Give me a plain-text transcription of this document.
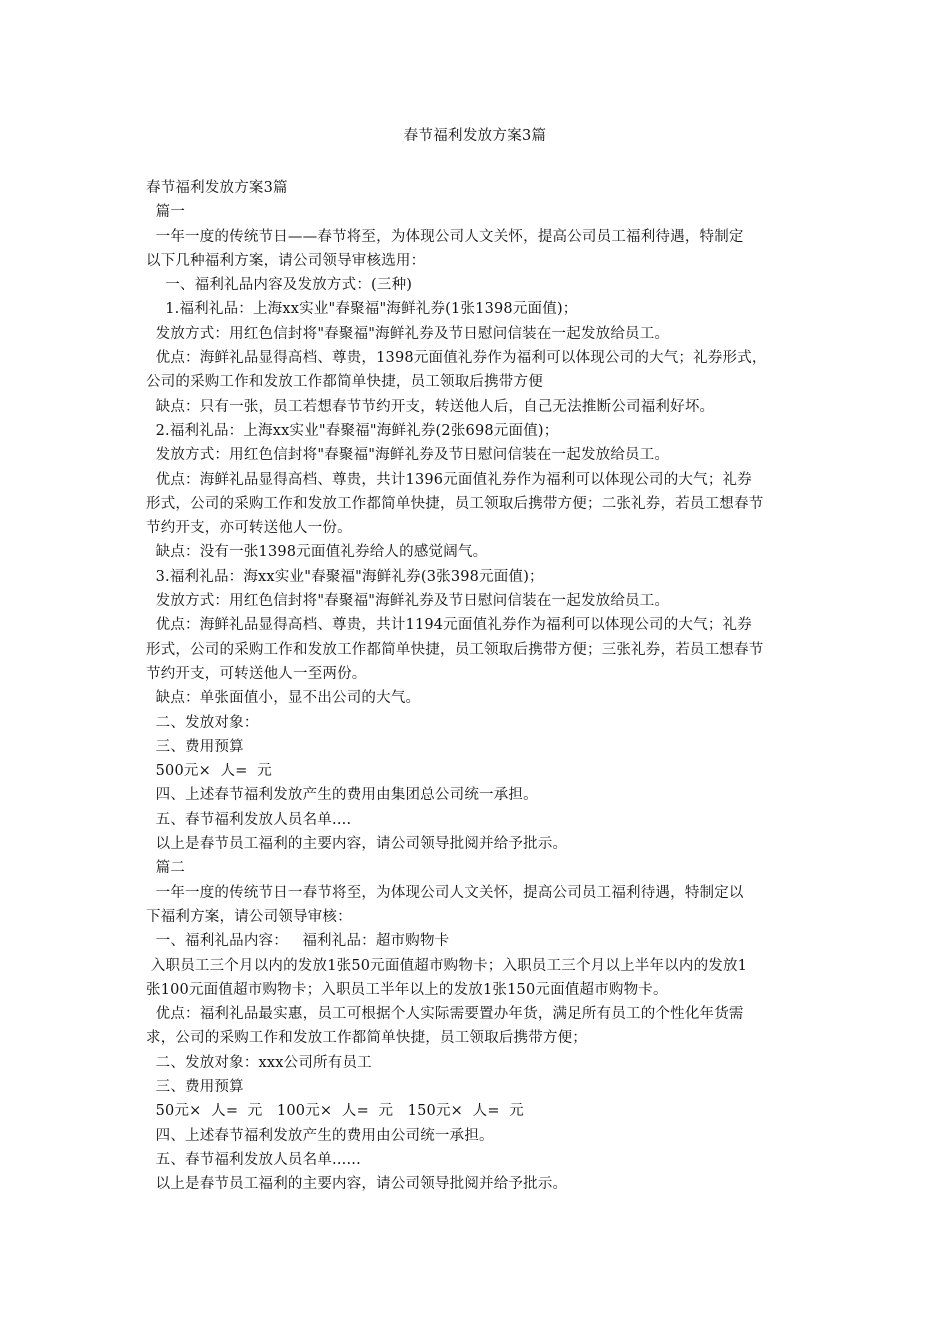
春节福利发放方案3篇
春节福利发放方案3篇
篇一
一年一度的传统节日——春节将至，为体现公司人文关怀，提高公司员工福利待遇，特制定
以下几种福利方案，请公司领导审核选用：
一、福利礼品内容及发放方式：(三种)
1.福利礼品：上海xx实业"春聚福"海鲜礼券(1张1398元面值)；
发放方式：用红色信封将"春聚福"海鲜礼券及节日慰问信装在一起发放给员工。
优点：海鲜礼品显得高档、尊贵，1398元面值礼券作为福利可以体现公司的大气；礼券形式，
公司的采购工作和发放工作都简单快捷，员工领取后携带方便
缺点：只有一张，员工若想春节节约开支，转送他人后，自己无法推断公司福利好坏。
2.福利礼品：上海xx实业"春聚福"海鲜礼券(2张698元面值)；
发放方式：用红色信封将"春聚福"海鲜礼券及节日慰问信装在一起发放给员工。
优点：海鲜礼品显得高档、尊贵，共计1396元面值礼券作为福利可以体现公司的大气；礼券
形式，公司的采购工作和发放工作都简单快捷，员工领取后携带方便；二张礼券，若员工想春节
节约开支，亦可转送他人一份。
缺点：没有一张1398元面值礼券给人的感觉阔气。
3.福利礼品：海xx实业"春聚福"海鲜礼券(3张398元面值)；
发放方式：用红色信封将"春聚福"海鲜礼券及节日慰问信装在一起发放给员工。
优点：海鲜礼品显得高档、尊贵，共计1194元面值礼券作为福利可以体现公司的大气；礼券
形式，公司的采购工作和发放工作都简单快捷，员工领取后携带方便；三张礼券，若员工想春节
节约开支，可转送他人一至两份。
缺点：单张面值小，显不出公司的大气。
二、发放对象：
三、费用预算
500元×  人=  元
四、上述春节福利发放产生的费用由集团总公司统一承担。
五、春节福利发放人员名单....
以上是春节员工福利的主要内容，请公司领导批阅并给予批示。
篇二
一年一度的传统节日一春节将至，为体现公司人文关怀，提高公司员工福利待遇，特制定以
下福利方案，请公司领导审核：
一、福利礼品内容：   福利礼品：超市购物卡
入职员工三个月以内的发放1张50元面值超市购物卡；入职员工三个月以上半年以内的发放1
张100元面值超市购物卡；入职员工半年以上的发放1张150元面值超市购物卡。
优点：福利礼品最实惠，员工可根据个人实际需要置办年货，满足所有员工的个性化年货需
求，公司的采购工作和发放工作都简单快捷，员工领取后携带方便；
二、发放对象：xxx公司所有员工
三、费用预算
50元×  人=  元   100元×  人=  元   150元×  人=  元
四、上述春节福利发放产生的费用由公司统一承担。
五、春节福利发放人员名单......
以上是春节员工福利的主要内容，请公司领导批阅并给予批示。
